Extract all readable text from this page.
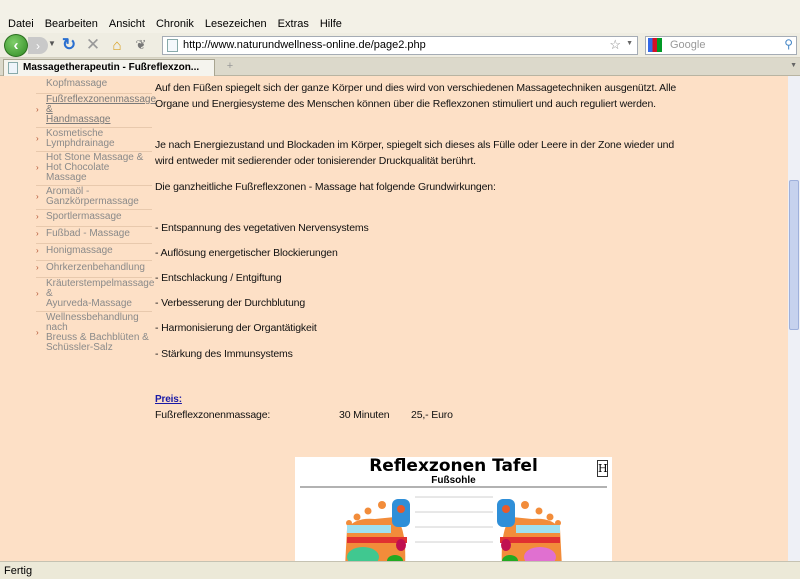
Datei Bearbeiten Ansicht Chronik Lesezeichen Extras Hilfe
‹ › ▼ ↻ ✕ ⌂	❦	http://www.naturundwellness-online.de/page2.php	☆ ▼	Google	⚲
Massagetherapeutin - Fußreflexzon...	+	▼
Kopfmassage
›
Fußreflexzonenmassage &
Handmassage
› Kosmetische
Lymphdrainage
›
Hot Stone Massage &
Hot Chocolate Massage
› Aromaöl -
Ganzkörpermassage
› Sportlermassage
› Fußbad - Massage
› Honigmassage
› Ohrkerzenbehandlung
›
Kräuterstempelmassage &
Ayurveda-Massage
›
Wellnessbehandlung nach
Breuss & Bachblüten &
Schüssler-Salz

Auf den Füßen spiegelt sich der ganze Körper und dies wird von verschiedenen Massagetechniken ausgenützt. Alle

Organe und Energiesysteme des Menschen können über die Reflexzonen stimuliert und auch reguliert werden.

Je nach Energiezustand und Blockaden im Körper, spiegelt sich dieses als Fülle oder Leere in der Zone wieder und

wird entweder mit sedierender oder tonisierender Druckqualität berührt.

Die ganzheitliche Fußreflexzonen - Massage hat folgende Grundwirkungen:

- Entspannung des vegetativen Nervensystems

- Auflösung energetischer Blockierungen

- Entschlackung / Entgiftung

- Verbesserung der Durchblutung

- Harmonisierung der Organtätigkeit

- Stärkung des Immunsystems

Preis:

Fußreflexzonenmassage:	30 Minuten 25,- Euro

Reflexzonen Tafel
Fußsohle
H
Fertig
